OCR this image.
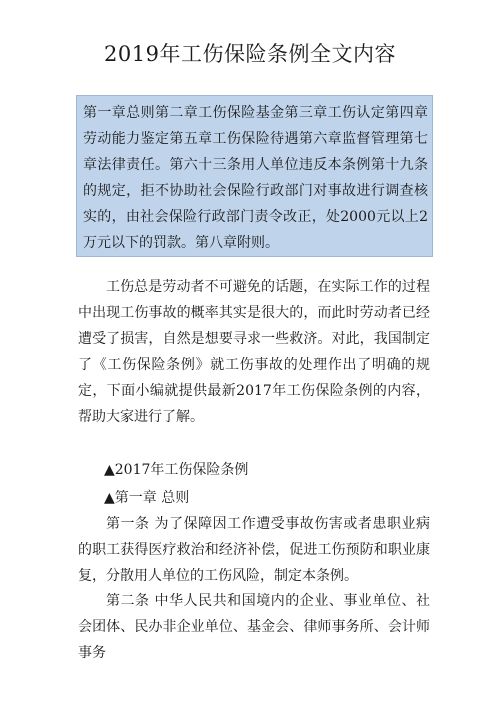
2019年工伤保险条例全文内容
第一章总则第二章工伤保险基金第三章工伤认定第四章劳动能力鉴定第五章工伤保险待遇第六章监督管理第七章法律责任。第六十三条用人单位违反本条例第十九条的规定，拒不协助社会保险行政部门对事故进行调查核实的，由社会保险行政部门责令改正，处2000元以上2万元以下的罚款。第八章附则。

工伤总是劳动者不可避免的话题，在实际工作的过程中出现工伤事故的概率其实是很大的，而此时劳动者已经遭受了损害，自然是想要寻求一些救济。对此，我国制定了《工伤保险条例》就工伤事故的处理作出了明确的规定，下面小编就提供最新2017年工伤保险条例的内容，帮助大家进行了解。

▲2017年工伤保险条例

▲第一章 总则

第一条 为了保障因工作遭受事故伤害或者患职业病的职工获得医疗救治和经济补偿，促进工伤预防和职业康复，分散用人单位的工伤风险，制定本条例。

第二条 中华人民共和国境内的企业、事业单位、社会团体、民办非企业单位、基金会、律师事务所、会计师事务
